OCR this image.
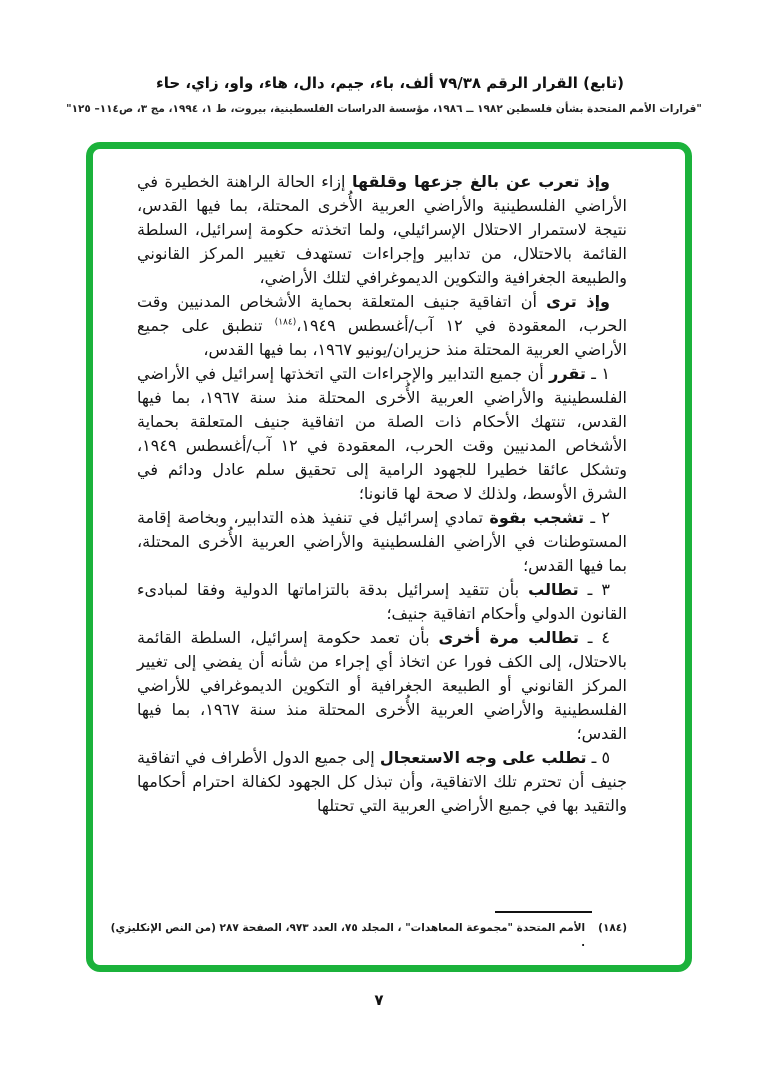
(تابع) القرار الرقم ٧٩/٣٨ ألف، باء، جيم، دال، هاء، واو، زاي، حاء
"قرارات الأمم المتحدة بشأن فلسطين ١٩٨٢ ــ ١٩٨٦، مؤسسة الدراسات الفلسطينية، بيروت، ط ١، ١٩٩٤، مج ٣، ص١١٤– ١٢٥"

وإذ تعرب عن بالغ جزعها وقلقها إزاء الحالة الراهنة الخطيرة في الأراضي الفلسطينية والأراضي العربية الأُخرى المحتلة، بما فيها القدس، نتيجة لاستمرار الاحتلال الإسرائيلي، ولما اتخذته حكومة إسرائيل، السلطة القائمة بالاحتلال، من تدابير وإجراءات تستهدف تغيير المركز القانوني والطبيعة الجغرافية والتكوين الديموغرافي لتلك الأراضي،

وإذ ترى أن اتفاقية جنيف المتعلقة بحماية الأشخاص المدنيين وقت الحرب، المعقودة في ١٢ آب/أغسطس ١٩٤٩،$^{(١٨٤)}$ تنطبق على جميع الأراضي العربية المحتلة منذ حزيران/يونيو ١٩٦٧، بما فيها القدس،

١ ـ تقرر أن جميع التدابير والإجراءات التي اتخذتها إسرائيل في الأراضي الفلسطينية والأراضي العربية الأُخرى المحتلة منذ سنة ١٩٦٧، بما فيها القدس، تنتهك الأحكام ذات الصلة من اتفاقية جنيف المتعلقة بحماية الأشخاص المدنيين وقت الحرب، المعقودة في ١٢ آب/أغسطس ١٩٤٩، وتشكل عائقا خطيرا للجهود الرامية إلى تحقيق سلم عادل ودائم في الشرق الأوسط، ولذلك لا صحة لها قانونا؛

٢ ـ تشجب بقوة تمادي إسرائيل في تنفيذ هذه التدابير، وبخاصة إقامة المستوطنات في الأراضي الفلسطينية والأراضي العربية الأُخرى المحتلة، بما فيها القدس؛

٣ ـ تطالب بأن تتقيد إسرائيل بدقة بالتزاماتها الدولية وفقا لمبادىء القانون الدولي وأحكام اتفاقية جنيف؛

٤ ـ تطالب مرة أخرى بأن تعمد حكومة إسرائيل، السلطة القائمة بالاحتلال، إلى الكف فورا عن اتخاذ أي إجراء من شأنه أن يفضي إلى تغيير المركز القانوني أو الطبيعة الجغرافية أو التكوين الديموغرافي للأراضي الفلسطينية والأراضي العربية الأُخرى المحتلة منذ سنة ١٩٦٧، بما فيها القدس؛

٥ ـ تطلب على وجه الاستعجال إلى جميع الدول الأطراف في اتفاقية جنيف أن تحترم تلك الاتفاقية، وأن تبذل كل الجهود لكفالة احترام أحكامها والتقيد بها في جميع الأراضي العربية التي تحتلها

(١٨٤)
الأمم المتحدة "مجموعة المعاهدات" ، المجلد ٧٥، العدد ٩٧٣، الصفحة ٢٨٧ (من النص الإنكليزي) .
٧
